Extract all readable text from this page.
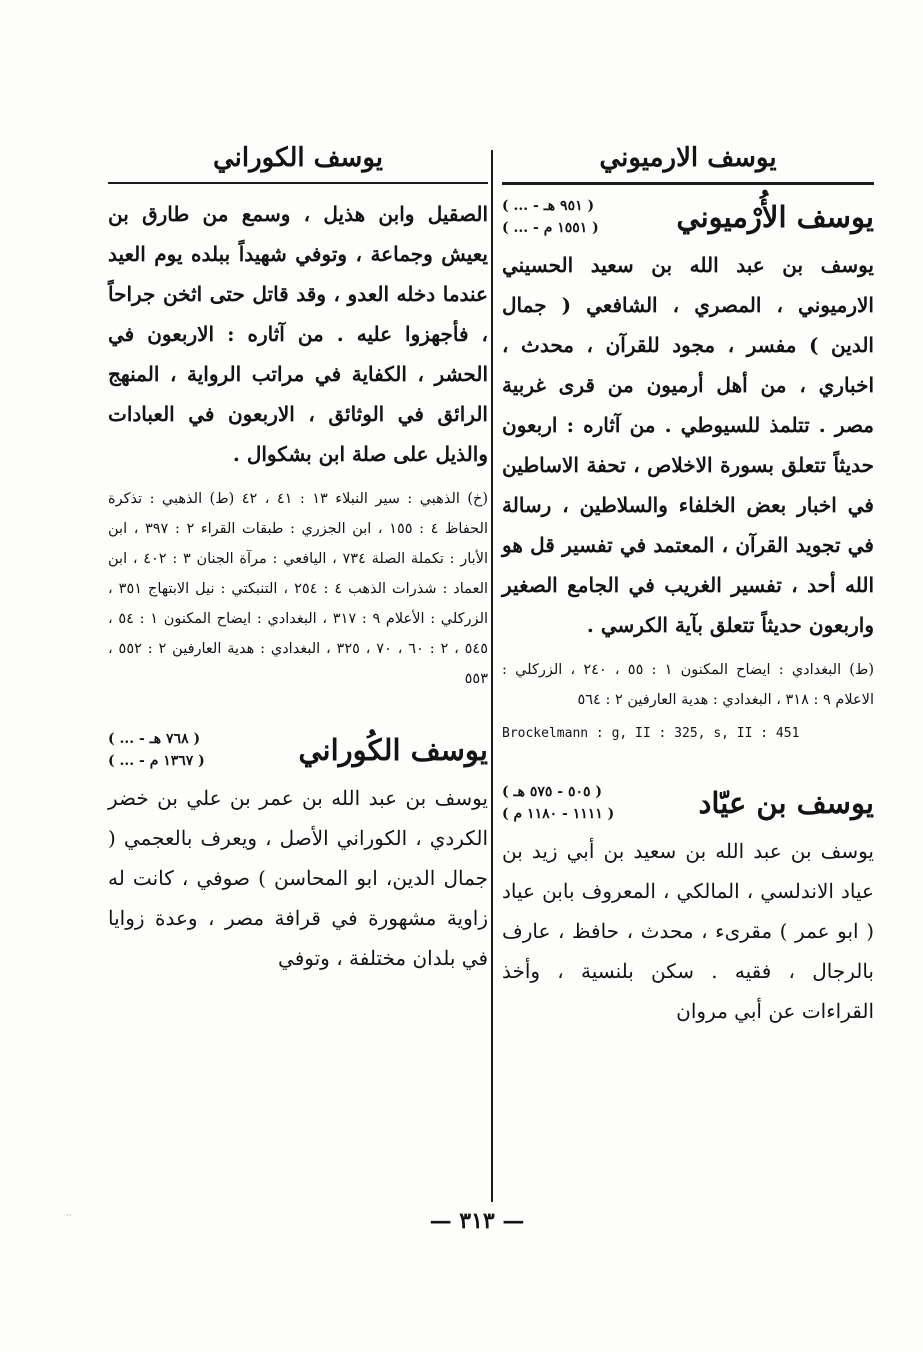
يوسف الارميوني
يوسف الأُرْميوني
( ... - ٩٥١ هـ )
( ... - ١٥٥١ م )

يوسف بن عبد الله بن سعيد الحسيني الارميوني ، المصري ، الشافعي ( جمال الدين ) مفسر ، مجود للقرآن ، محدث ، اخباري ، من أهل أرميون من قرى غربية مصر . تتلمذ للسيوطي . من آثاره : اربعون حديثاً تتعلق بسورة الاخلاص ، تحفة الاساطين في اخبار بعض الخلفاء والسلاطين ، رسالة في تجويد القرآن ، المعتمد في تفسير قل هو الله أحد ، تفسير الغريب في الجامع الصغير واربعون حديثاً تتعلق بآية الكرسي .

(ط) البغدادي : ايضاح المكنون ١ : ٥٥ ، ٢٤٠ ، الزركلي : الاعلام ٩ : ٣١٨ ، البغدادي : هدية العارفين ٢ : ٥٦٤

Brockelmann : g, II : 325, s, II : 451
يوسف بن عيّاد
( ٥٠٥ - ٥٧٥ هـ )
( ١١١١ - ١١٨٠ م )

يوسف بن عبد الله بن سعيد بن أبي زيد بن عياد الاندلسي ، المالكي ، المعروف بابن عياد ( ابو عمر ) مقرىء ، محدث ، حافظ ، عارف بالرجال ، فقيه . سكن بلنسية ، وأخذ القراءات عن أبي مروان

يوسف الكوراني

الصقيل وابن هذيل ، وسمع من طارق بن يعيش وجماعة ، وتوفي شهيداً ببلده يوم العيد عندما دخله العدو ، وقد قاتل حتى اثخن جراحاً ، فأجهزوا عليه . من آثاره : الاربعون في الحشر ، الكفاية في مراتب الرواية ، المنهج الرائق في الوثائق ، الاربعون في العبادات والذيل على صلة ابن بشكوال .

(خ) الذهبي : سير النبلاء ١٣ : ٤١ ، ٤٢ (ط) الذهبي : تذكرة الحفاظ ٤ : ١٥٥ ، ابن الجزري : طبقات القراء ٢ : ٣٩٧ ، ابن الأبار : تكملة الصلة ٧٣٤ ، اليافعي : مرآة الجنان ٣ : ٤٠٢ ، ابن العماد : شذرات الذهب ٤ : ٢٥٤ ، التنبكتي : نيل الابتهاج ٣٥١ ، الزركلي : الأعلام ٩ : ٣١٧ ، البغدادي : ايضاح المكنون ١ : ٥٤ ، ٥٤٥ ، ٢ : ٦٠ ، ٧٠ ، ٣٢٥ ، البغدادي : هدية العارفين ٢ : ٥٥٢ ، ٥٥٣

يوسف الكُوراني
( ... - ٧٦٨ هـ )
( ... - ١٣٦٧ م )

يوسف بن عبد الله بن عمر بن علي بن خضر الكردي ، الكوراني الأصل ، ويعرف بالعجمي ( جمال الدين، ابو المحاسن ) صوفي ، كانت له زاوية مشهورة في قرافة مصر ، وعدة زوايا في بلدان مختلفة ، وتوفي

— ٣١٣ —
··
